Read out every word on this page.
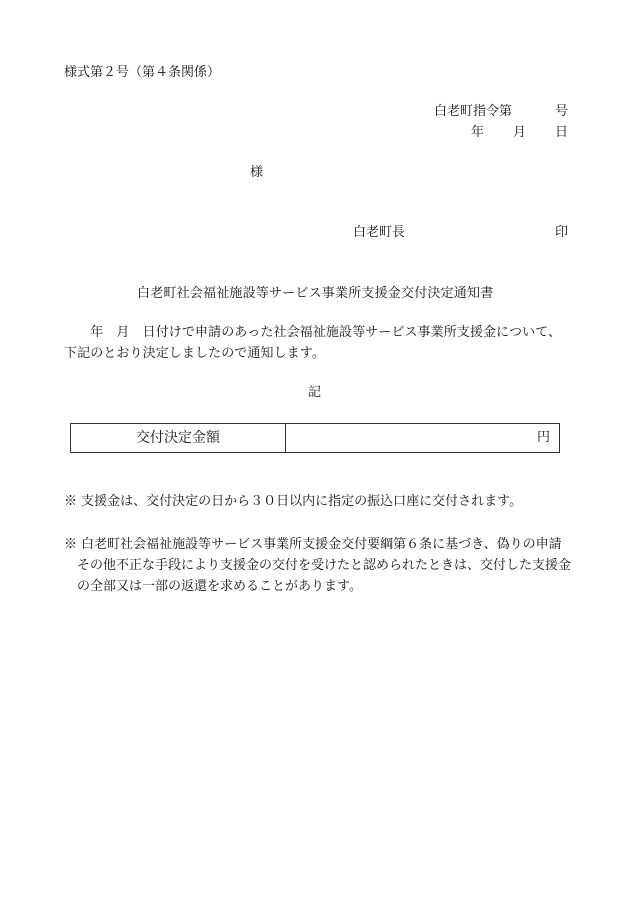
様式第２号（第４条関係）
白老町指令第	号
年 月 日
様
白老町長	印
白老町社会福祉施設等サービス事業所支援金交付決定通知書
　　年　月　日付けで申請のあった社会福祉施設等サービス事業所支援金について、下記のとおり決定しましたので通知します。
記
交付決定金額	円
※ 支援金は、交付決定の日から３０日以内に指定の振込口座に交付されます。
※ 白老町社会福祉施設等サービス事業所支援金交付要綱第６条に基づき、偽りの申請その他不正な手段により支援金の交付を受けたと認められたときは、交付した支援金の全部又は一部の返還を求めることがあります。
